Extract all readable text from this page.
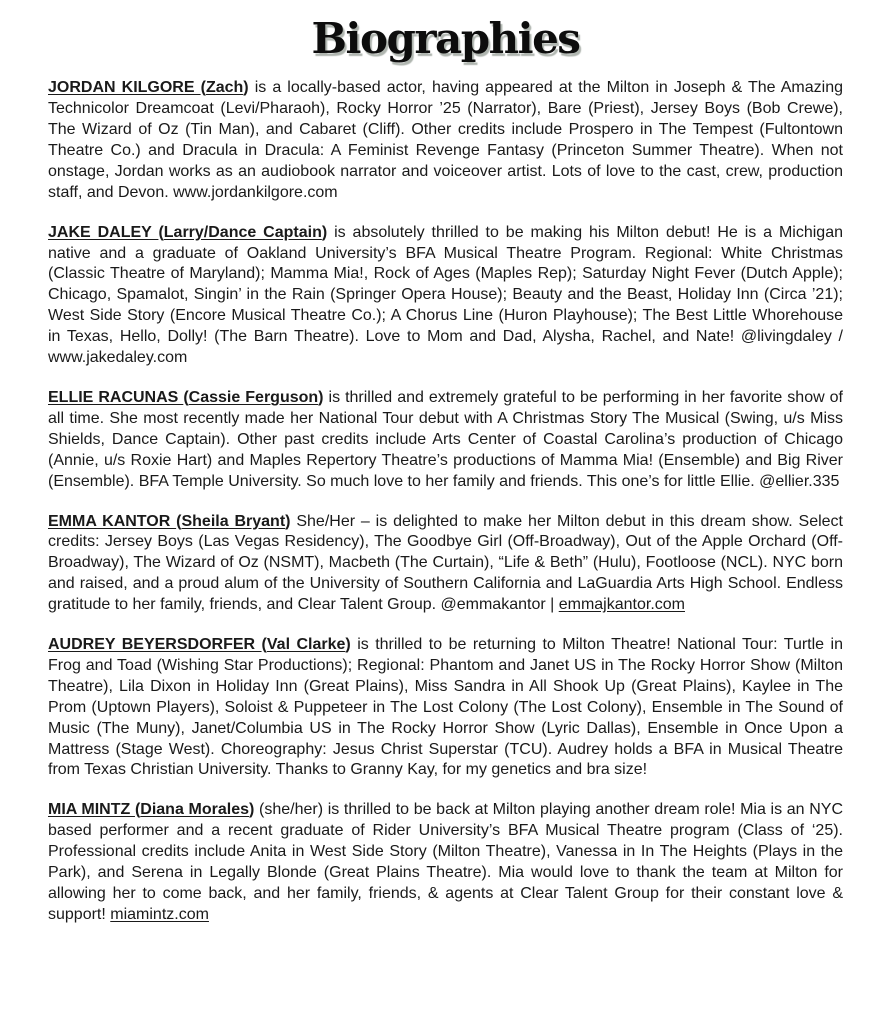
Biographies

JORDAN KILGORE (Zach) is a locally-based actor, having appeared at the Milton in Joseph & The Amazing Technicolor Dreamcoat (Levi/Pharaoh), Rocky Horror ’25 (Narrator), Bare (Priest), Jersey Boys (Bob Crewe), The Wizard of Oz (Tin Man), and Cabaret (Cliff). Other credits include Prospero in The Tempest (Fultontown Theatre Co.) and Dracula in Dracula: A Feminist Revenge Fantasy (Princeton Summer Theatre). When not onstage, Jordan works as an audiobook narrator and voiceover artist. Lots of love to the cast, crew, production staff, and Devon. www.jordankilgore.com

JAKE DALEY (Larry/Dance Captain) is absolutely thrilled to be making his Milton debut! He is a Michigan native and a graduate of Oakland University’s BFA Musical Theatre Program. Regional: White Christmas (Classic Theatre of Maryland); Mamma Mia!, Rock of Ages (Maples Rep); Saturday Night Fever (Dutch Apple); Chicago, Spamalot, Singin’ in the Rain (Springer Opera House); Beauty and the Beast, Holiday Inn (Circa ’21); West Side Story (Encore Musical Theatre Co.); A Chorus Line (Huron Playhouse); The Best Little Whorehouse in Texas, Hello, Dolly! (The Barn Theatre). Love to Mom and Dad, Alysha, Rachel, and Nate! @livingdaley / www.jakedaley.com

ELLIE RACUNAS (Cassie Ferguson) is thrilled and extremely grateful to be performing in her favorite show of all time. She most recently made her National Tour debut with A Christmas Story The Musical (Swing, u/s Miss Shields, Dance Captain). Other past credits include Arts Center of Coastal Carolina’s production of Chicago (Annie, u/s Roxie Hart) and Maples Repertory Theatre’s productions of Mamma Mia! (Ensemble) and Big River (Ensemble). BFA Temple University. So much love to her family and friends. This one’s for little Ellie. @ellier.335

EMMA KANTOR (Sheila Bryant) She/Her – is delighted to make her Milton debut in this dream show. Select credits: Jersey Boys (Las Vegas Residency), The Goodbye Girl (Off-Broadway), Out of the Apple Orchard (Off-Broadway), The Wizard of Oz (NSMT), Macbeth (The Curtain), “Life & Beth” (Hulu), Footloose (NCL). NYC born and raised, and a proud alum of the University of Southern California and LaGuardia Arts High School. Endless gratitude to her family, friends, and Clear Talent Group. @emmakantor | emmajkantor.com

AUDREY BEYERSDORFER (Val Clarke) is thrilled to be returning to Milton Theatre! National Tour: Turtle in Frog and Toad (Wishing Star Productions); Regional: Phantom and Janet US in The Rocky Horror Show (Milton Theatre), Lila Dixon in Holiday Inn (Great Plains), Miss Sandra in All Shook Up (Great Plains), Kaylee in The Prom (Uptown Players), Soloist & Puppeteer in The Lost Colony (The Lost Colony), Ensemble in The Sound of Music (The Muny), Janet/Columbia US in The Rocky Horror Show (Lyric Dallas), Ensemble in Once Upon a Mattress (Stage West). Choreography: Jesus Christ Superstar (TCU). Audrey holds a BFA in Musical Theatre from Texas Christian University. Thanks to Granny Kay, for my genetics and bra size!

MIA MINTZ (Diana Morales) (she/her) is thrilled to be back at Milton playing another dream role! Mia is an NYC based performer and a recent graduate of Rider University’s BFA Musical Theatre program (Class of ‘25). Professional credits include Anita in West Side Story (Milton Theatre), Vanessa in In The Heights (Plays in the Park), and Serena in Legally Blonde (Great Plains Theatre). Mia would love to thank the team at Milton for allowing her to come back, and her family, friends, & agents at Clear Talent Group for their constant love & support! miamintz.com
